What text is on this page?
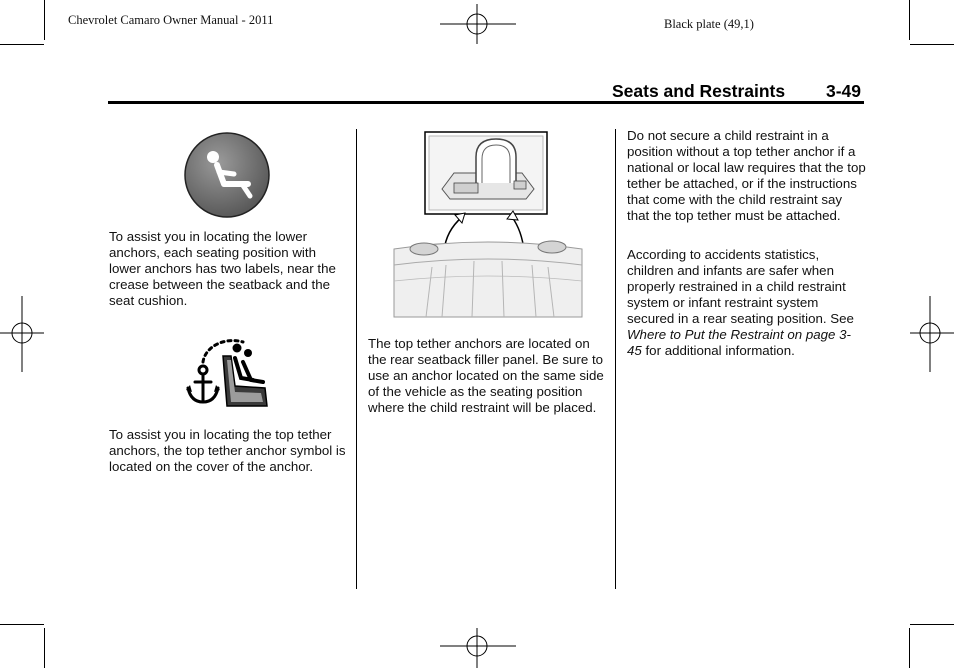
Chevrolet Camaro Owner Manual - 2011	Black plate (49,1)
Seats and Restraints 3-49

To assist you in locating the lower anchors, each seating position with lower anchors has two labels, near the crease between the seatback and the seat cushion.

To assist you in locating the top tether anchors, the top tether anchor symbol is located on the cover of the anchor.

The top tether anchors are located on the rear seatback filler panel. Be sure to use an anchor located on the same side of the vehicle as the seating position where the child restraint will be placed.

Do not secure a child restraint in a position without a top tether anchor if a national or local law requires that the top tether be attached, or if the instructions that come with the child restraint say that the top tether must be attached.

According to accidents statistics, children and infants are safer when properly restrained in a child restraint system or infant restraint system secured in a rear seating position. See Where to Put the Restraint on page 3-45 for additional information.
